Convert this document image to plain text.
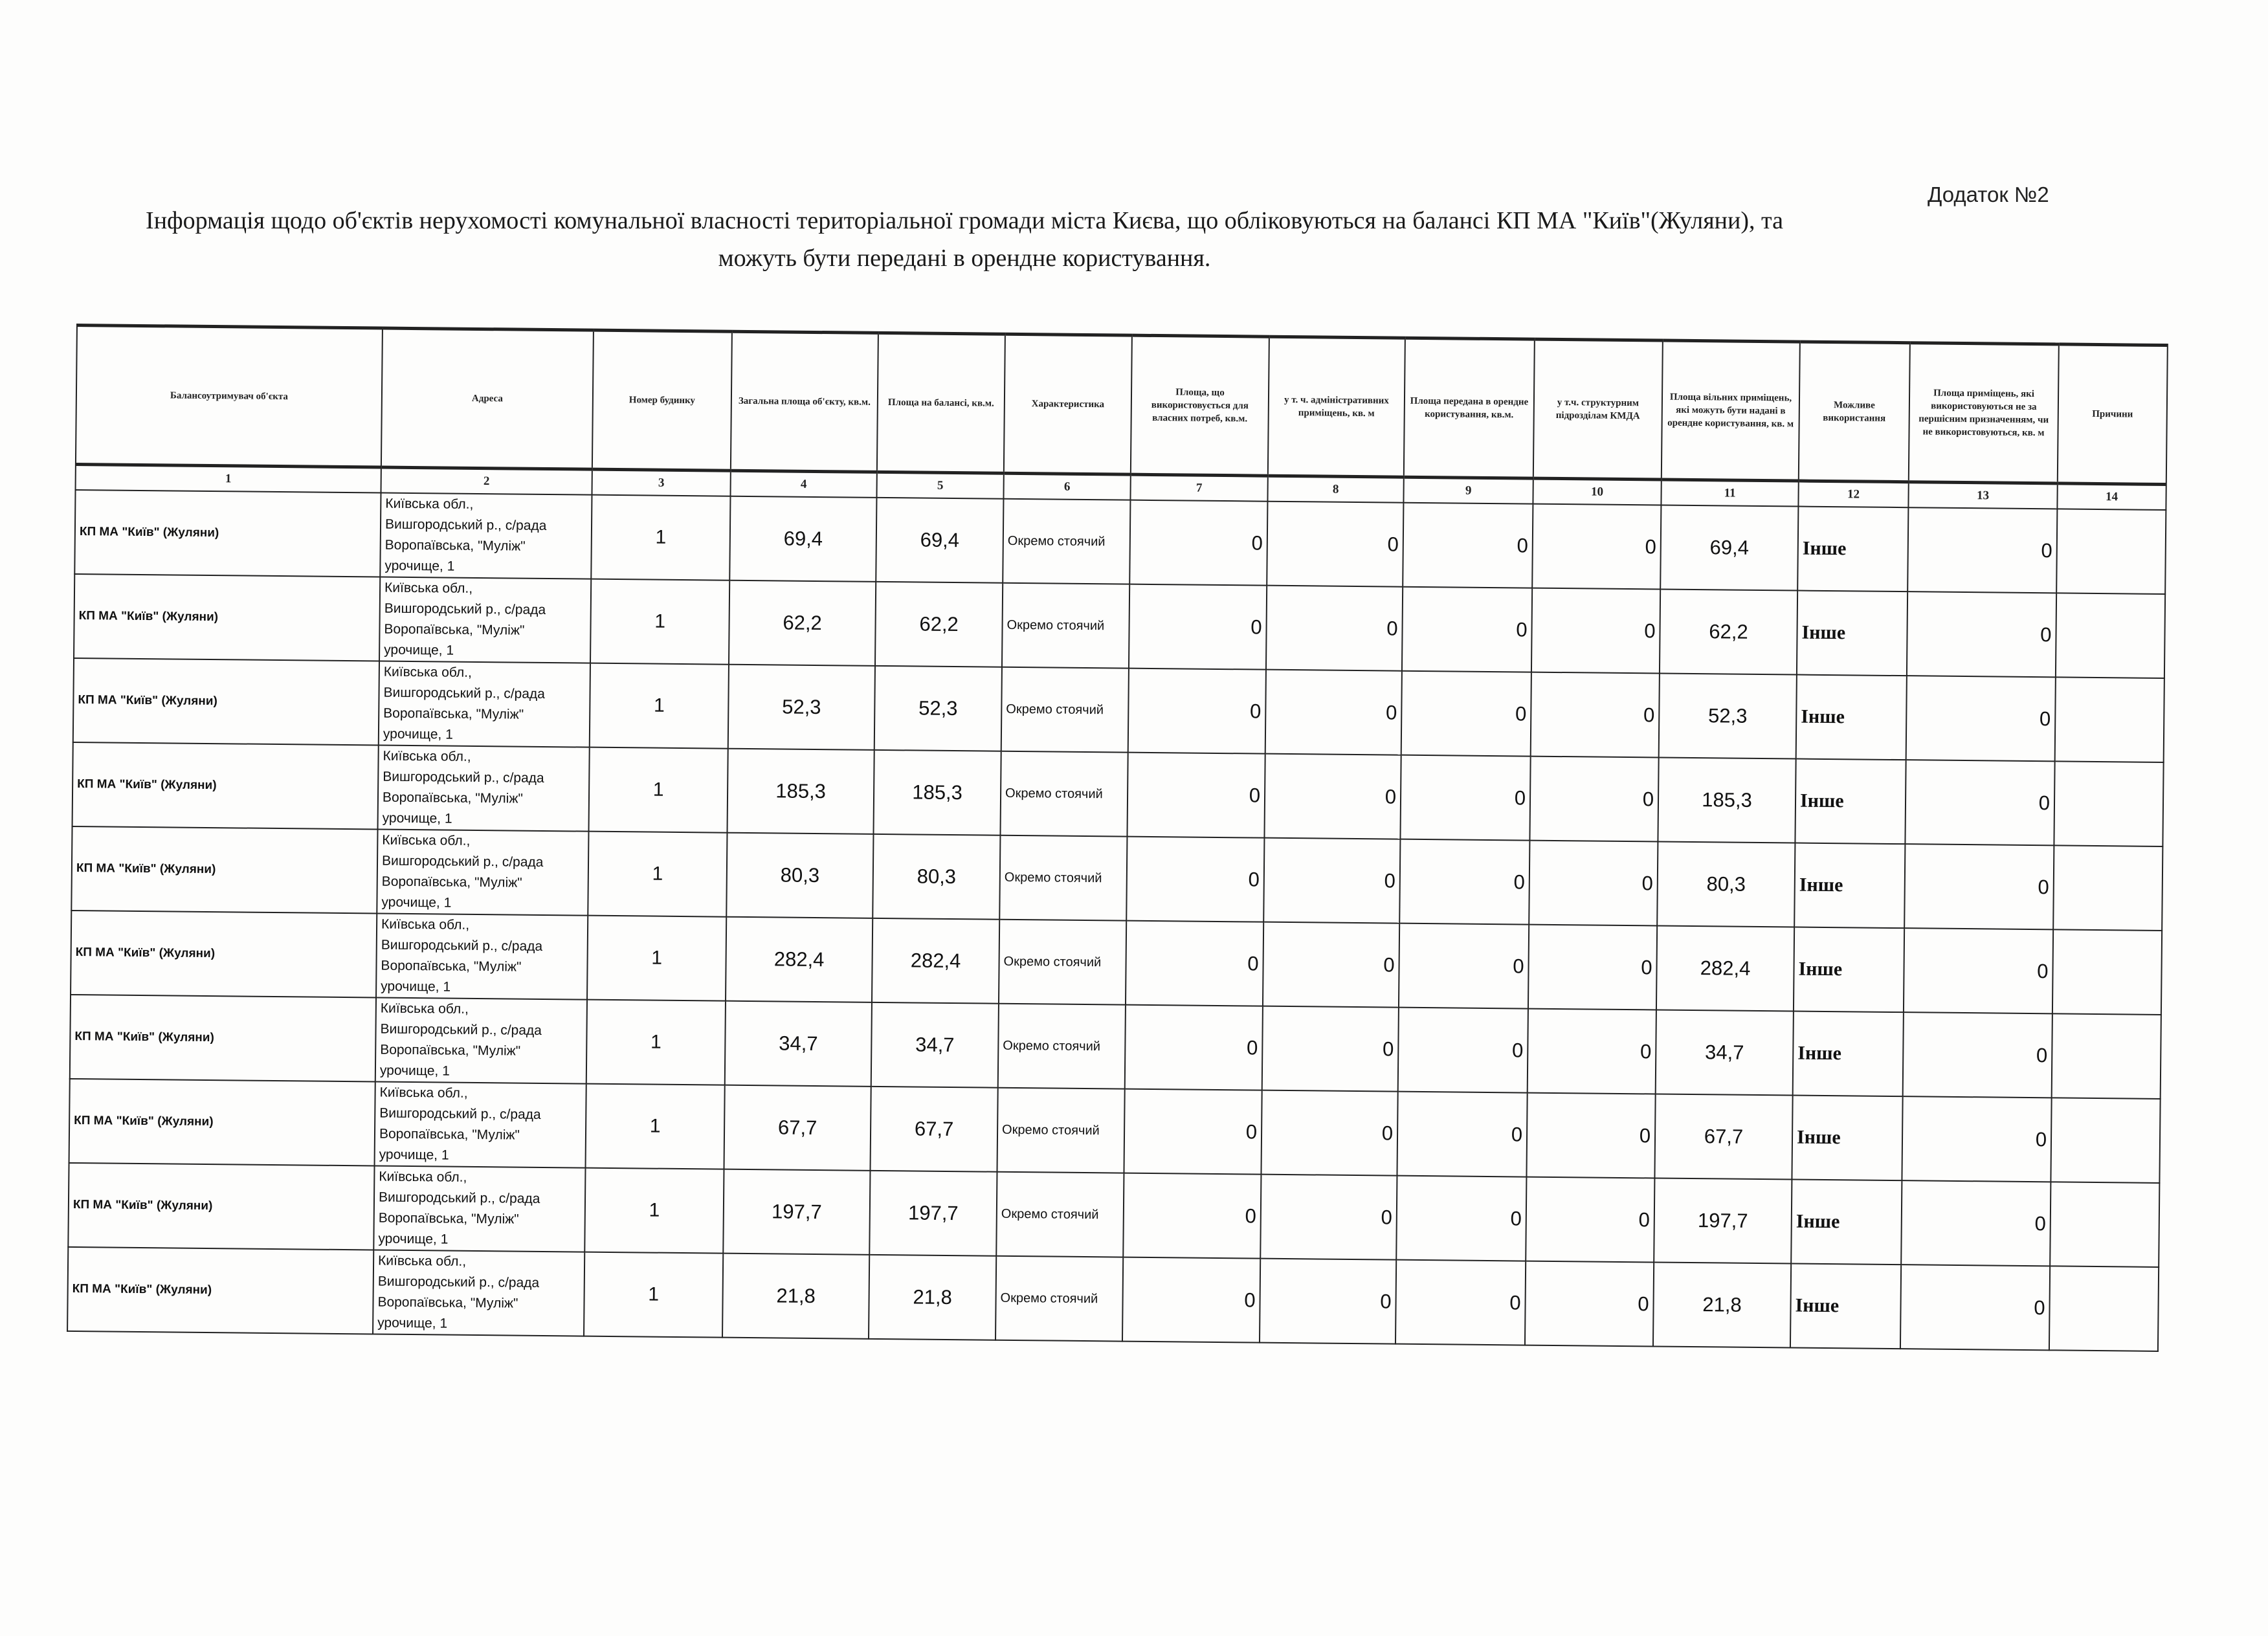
Додаток №2
Інформація щодо об'єктів нерухомості комунальної власності територіальної громади міста Києва, що обліковуються на балансі КП МА "Київ"(Жуляни), та
можуть бути передані в орендне користування.
Балансоутримувач об'єкта	Адреса	Номер будинку	Загальна площа об'єкту, кв.м.	Площа на балансі, кв.м.	Характеристика	Площа, що використовується для власних потреб, кв.м.	у т. ч. адміністративних приміщень, кв. м	Площа передана в орендне користування, кв.м.	у т.ч. структурним підрозділам КМДА	Площа вільних приміщень, які можуть бути надані в орендне користування, кв. м	Можливе використання	Площа приміщень, які використовуються не за першісним призначенням, чи не використовуються, кв. м	Причини
1	2	3	4	5	6	7	8	9	10	11	12	13	14
КП МА "Київ" (Жуляни)	Київська обл.,
Вишгородський р., с/рада
Воропаївська, "Мулiж"
урочище, 1	1	69,4	69,4	Окремо стоячий	0	0	0	0	69,4	Інше	0	
КП МА "Київ" (Жуляни)	Київська обл.,
Вишгородський р., с/рада
Воропаївська, "Мулiж"
урочище, 1	1	62,2	62,2	Окремо стоячий	0	0	0	0	62,2	Інше	0	
КП МА "Київ" (Жуляни)	Київська обл.,
Вишгородський р., с/рада
Воропаївська, "Мулiж"
урочище, 1	1	52,3	52,3	Окремо стоячий	0	0	0	0	52,3	Інше	0	
КП МА "Київ" (Жуляни)	Київська обл.,
Вишгородський р., с/рада
Воропаївська, "Мулiж"
урочище, 1	1	185,3	185,3	Окремо стоячий	0	0	0	0	185,3	Інше	0	
КП МА "Київ" (Жуляни)	Київська обл.,
Вишгородський р., с/рада
Воропаївська, "Мулiж"
урочище, 1	1	80,3	80,3	Окремо стоячий	0	0	0	0	80,3	Інше	0	
КП МА "Київ" (Жуляни)	Київська обл.,
Вишгородський р., с/рада
Воропаївська, "Мулiж"
урочище, 1	1	282,4	282,4	Окремо стоячий	0	0	0	0	282,4	Інше	0	
КП МА "Київ" (Жуляни)	Київська обл.,
Вишгородський р., с/рада
Воропаївська, "Мулiж"
урочище, 1	1	34,7	34,7	Окремо стоячий	0	0	0	0	34,7	Інше	0	
КП МА "Київ" (Жуляни)	Київська обл.,
Вишгородський р., с/рада
Воропаївська, "Мулiж"
урочище, 1	1	67,7	67,7	Окремо стоячий	0	0	0	0	67,7	Інше	0	
КП МА "Київ" (Жуляни)	Київська обл.,
Вишгородський р., с/рада
Воропаївська, "Мулiж"
урочище, 1	1	197,7	197,7	Окремо стоячий	0	0	0	0	197,7	Інше	0	
КП МА "Київ" (Жуляни)	Київська обл.,
Вишгородський р., с/рада
Воропаївська, "Мулiж"
урочище, 1	1	21,8	21,8	Окремо стоячий	0	0	0	0	21,8	Інше	0	
